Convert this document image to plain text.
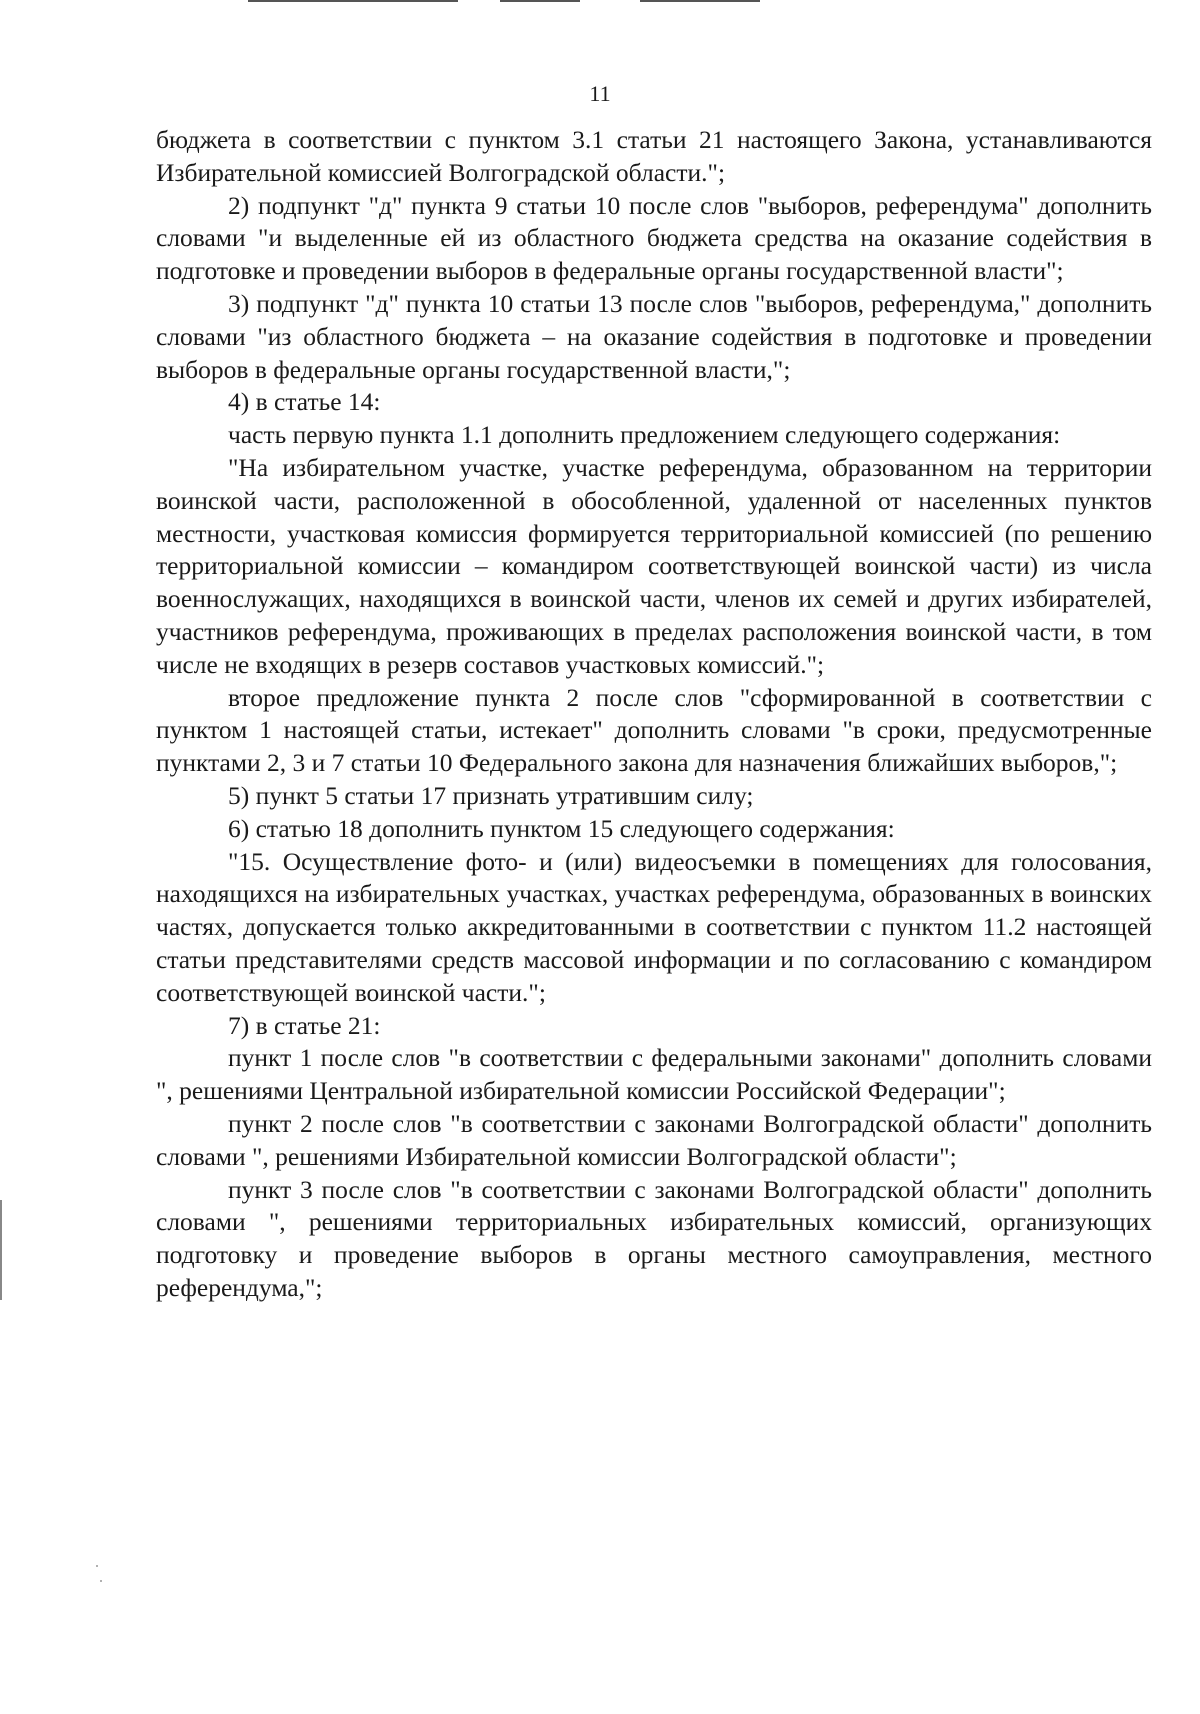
11

бюджета в соответствии с пунктом 3.1 статьи 21 настоящего Закона, устанавливаются Избирательной комиссией Волгоградской области.";

2) подпункт "д" пункта 9 статьи 10 после слов "выборов, референдума" дополнить словами "и выделенные ей из областного бюджета средства на оказание содействия в подготовке и проведении выборов в федеральные органы государственной власти";

3) подпункт "д" пункта 10 статьи 13 после слов "выборов, референдума," дополнить словами "из областного бюджета – на оказание содействия в подготовке и проведении выборов в федеральные органы государственной власти,";

4) в статье 14:

часть первую пункта 1.1 дополнить предложением следующего содержания:

"На избирательном участке, участке референдума, образованном на территории воинской части, расположенной в обособленной, удаленной от населенных пунктов местности, участковая комиссия формируется территориальной комиссией (по решению территориальной комиссии – командиром соответствующей воинской части) из числа военнослужащих, находящихся в воинской части, членов их семей и других избирателей, участников референдума, проживающих в пределах расположения воинской части, в том числе не входящих в резерв составов участковых комиссий.";

второе предложение пункта 2 после слов "сформированной в соответствии с пунктом 1 настоящей статьи, истекает" дополнить словами "в сроки, предусмотренные пунктами 2, 3 и 7 статьи 10 Федерального закона для назначения ближайших выборов,";

5) пункт 5 статьи 17 признать утратившим силу;

6) статью 18 дополнить пунктом 15 следующего содержания:

"15. Осуществление фото- и (или) видеосъемки в помещениях для голосования, находящихся на избирательных участках, участках референдума, образованных в воинских частях, допускается только аккредитованными в соответствии с пунктом 11.2 настоящей статьи представителями средств массовой информации и по согласованию с командиром соответствующей воинской части.";

7) в статье 21:

пункт 1 после слов "в соответствии с федеральными законами" дополнить словами ", решениями Центральной избирательной комиссии Российской Федерации";

пункт 2 после слов "в соответствии с законами Волгоградской области" дополнить словами ", решениями Избирательной комиссии Волгоградской области";

пункт 3 после слов "в соответствии с законами Волгоградской области" дополнить словами ", решениями территориальных избирательных комиссий, организующих подготовку и проведение выборов в органы местного самоуправления, местного референдума,";
